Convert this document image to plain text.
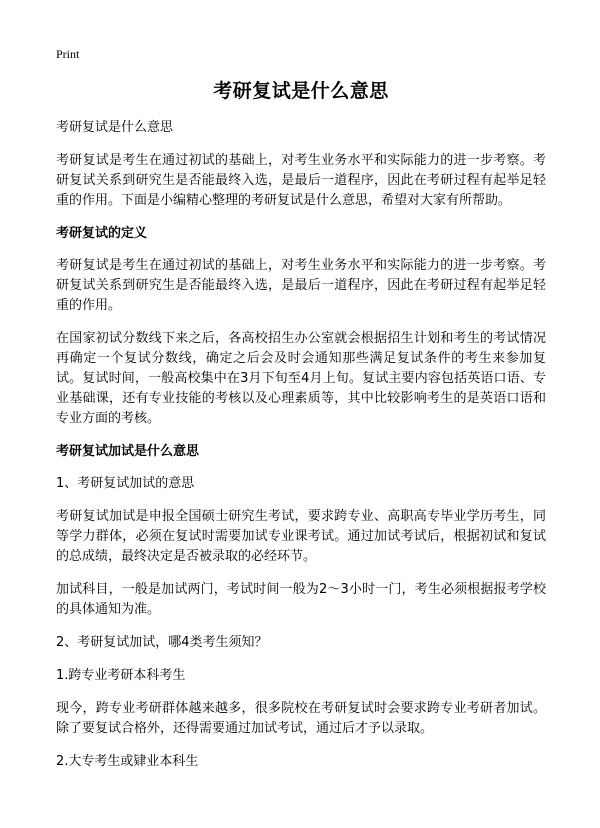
Print
考研复试是什么意思

考研复试是什么意思

考研复试是考生在通过初试的基础上，对考生业务水平和实际能力的进一步考察。考研复试关系到研究生是否能最终入选，是最后一道程序，因此在考研过程有起举足轻重的作用。下面是小编精心整理的考研复试是什么意思，希望对大家有所帮助。

考研复试的定义

考研复试是考生在通过初试的基础上，对考生业务水平和实际能力的进一步考察。考研复试关系到研究生是否能最终入选，是最后一道程序，因此在考研过程有起举足轻重的作用。

在国家初试分数线下来之后，各高校招生办公室就会根据招生计划和考生的考试情况再确定一个复试分数线，确定之后会及时会通知那些满足复试条件的考生来参加复试。复试时间，一般高校集中在3月下旬至4月上旬。复试主要内容包括英语口语、专业基础课，还有专业技能的考核以及心理素质等，其中比较影响考生的是英语口语和专业方面的考核。

考研复试加试是什么意思

1、考研复试加试的意思

考研复试加试是申报全国硕士研究生考试，要求跨专业、高职高专毕业学历考生，同等学力群体，必须在复试时需要加试专业课考试。通过加试考试后，根据初试和复试的总成绩，最终决定是否被录取的必经环节。

加试科目，一般是加试两门，考试时间一般为2～3小时一门，考生必须根据报考学校的具体通知为准。

2、考研复试加试，哪4类考生须知？

1.跨专业考研本科考生

现今，跨专业考研群体越来越多，很多院校在考研复试时会要求跨专业考研者加试。除了要复试合格外，还得需要通过加试考试，通过后才予以录取。

2.大专考生或肄业本科生
